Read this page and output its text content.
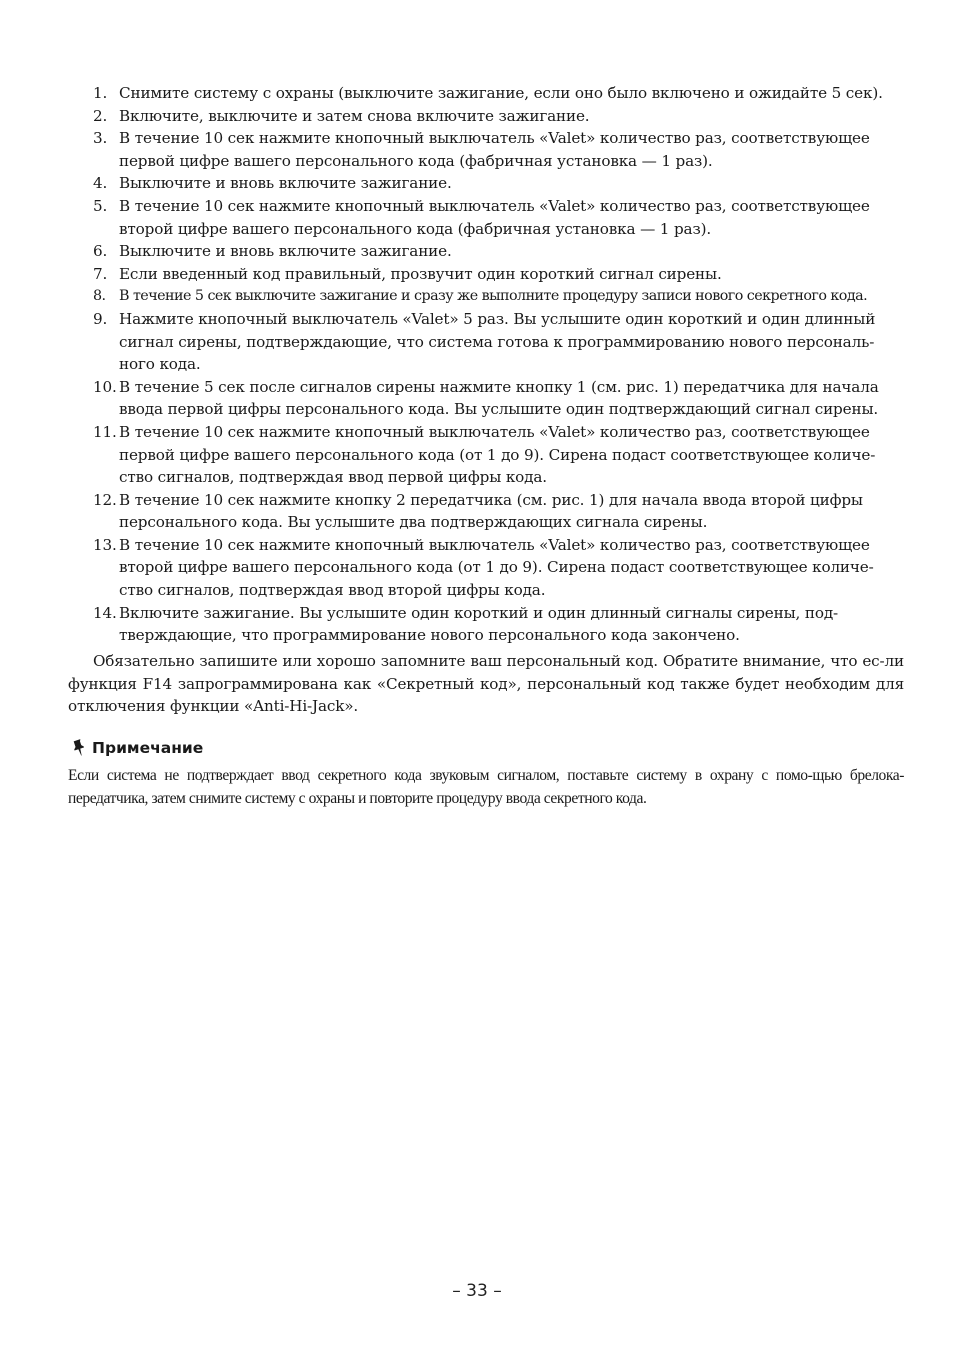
1. Снимите систему с охраны (выключите зажигание, если оно было включено и ожидайте 5 сек).
2. Включите, выключите и затем снова включите зажигание.
3. В течение 10 сек нажмите кнопочный выключатель «Valet» количество раз, соответствующее первой цифре вашего персонального кода (фабричная установка — 1 раз).
4. Выключите и вновь включите зажигание.
5. В течение 10 сек нажмите кнопочный выключатель «Valet» количество раз, соответствующее второй цифре вашего персонального кода (фабричная установка — 1 раз).
6. Выключите и вновь включите зажигание.
7. Если введенный код правильный, прозвучит один короткий сигнал сирены.
8. В течение 5 сек выключите зажигание и сразу же выполните процедуру записи нового секретного кода.
9. Нажмите кнопочный выключатель «Valet» 5 раз. Вы услышите один короткий и один длинный сигнал сирены, подтверждающие, что система готова к программированию нового персональ-ного кода.
10. В течение 5 сек после сигналов сирены нажмите кнопку 1 (см. рис. 1) передатчика для начала ввода первой цифры персонального кода. Вы услышите один подтверждающий сигнал сирены.
11. В течение 10 сек нажмите кнопочный выключатель «Valet» количество раз, соответствующее первой цифре вашего персонального кода (от 1 до 9). Сирена подаст соответствующее количе-ство сигналов, подтверждая ввод первой цифры кода.
12. В течение 10 сек нажмите кнопку 2 передатчика (см. рис. 1) для начала ввода второй цифры персонального кода. Вы услышите два подтверждающих сигнала сирены.
13. В течение 10 сек нажмите кнопочный выключатель «Valet» количество раз, соответствующее второй цифре вашего персонального кода (от 1 до 9). Сирена подаст соответствующее количе-ство сигналов, подтверждая ввод второй цифры кода.
14. Включите зажигание. Вы услышите один короткий и один длинный сигналы сирены, под-тверждающие, что программирование нового персонального кода закончено.

Обязательно запишите или хорошо запомните ваш персональный код. Обратите внимание, что ес-ли функция F14 запрограммирована как «Секретный код», персональный код также будет необходим для отключения функции «Anti-Hi-Jack».

Примечание

Если система не подтверждает ввод секретного кода звуковым сигналом, поставьте систему в охрану с помо-щью брелока-передатчика, затем снимите систему с охраны и повторите процедуру ввода секретного кода.

– 33 –
